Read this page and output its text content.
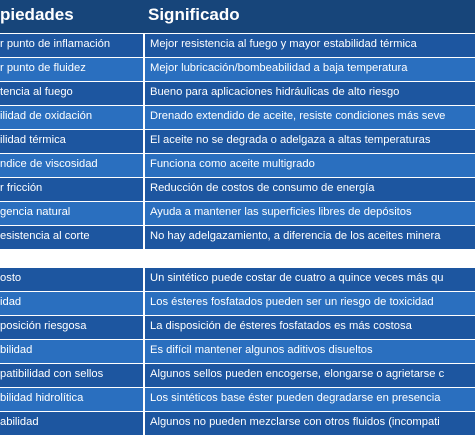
piedades	Significado
r punto de inflamación	Mejor resistencia al fuego y mayor estabilidad térmica
r punto de fluidez	Mejor lubricación/bombeabilidad a baja temperatura
tencia al fuego	Bueno para aplicaciones hidráulicas de alto riesgo
ilidad de oxidación	Drenado extendido de aceite, resiste condiciones más seve
ilidad térmica	El aceite no se degrada o adelgaza a altas temperaturas
ndice de viscosidad	Funciona como aceite multigrado
r fricción	Reducción de costos de consumo de energía
gencia natural	Ayuda a mantener las superficies libres de depósitos
esistencia al corte	No hay adelgazamiento, a diferencia de los aceites minera
osto	Un sintético puede costar de cuatro a quince veces más qu
idad	Los ésteres fosfatados pueden ser un riesgo de toxicidad
posición riesgosa	La disposición de ésteres fosfatados es más costosa
bilidad	Es difícil mantener algunos aditivos disueltos
patibilidad con sellos	Algunos sellos pueden encogerse, elongarse o agrietarse c
bilidad hidrolítica	Los sintéticos base éster pueden degradarse en presencia
abilidad	Algunos no pueden mezclarse con otros fluidos (incompati
